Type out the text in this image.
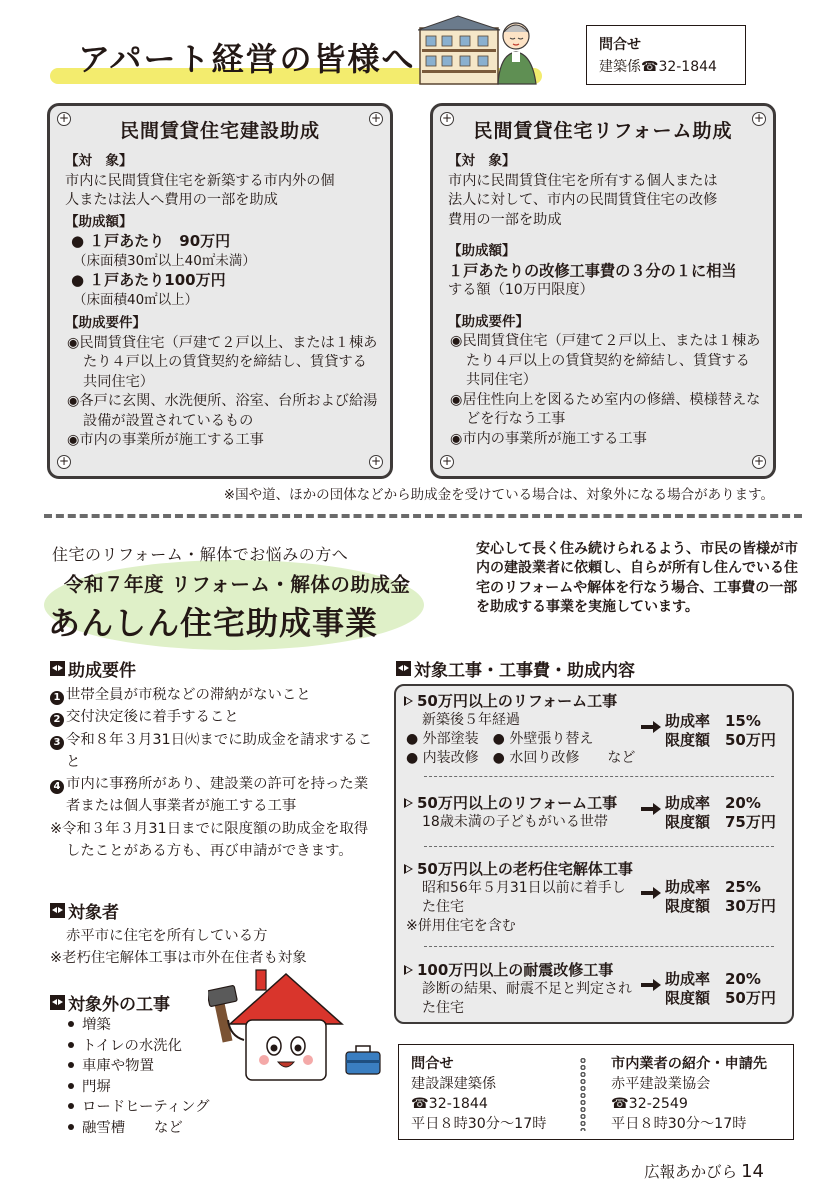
アパート経営の皆様へ	問合せ
建築係☎32-1844
+	+
+	+
民間賃貸住宅建設助成
【対　象】
市内に民間賃貸住宅を新築する市内外の個
人または法人へ費用の一部を助成
【助成額】
● １戸あたり　90万円
（床面積30㎡以上40㎡未満）
● １戸あたり100万円
（床面積40㎡以上）
【助成要件】
◉民間賃貸住宅（戸建て２戸以上、または１棟あたり４戸以上の賃貸契約を締結し、賃貸する共同住宅）
◉各戸に玄関、水洗便所、浴室、台所および給湯設備が設置されているもの
◉市内の事業所が施工する工事
+	+
+	+
民間賃貸住宅リフォーム助成
【対　象】
市内に民間賃貸住宅を所有する個人または
法人に対して、市内の民間賃貸住宅の改修
費用の一部を助成
【助成額】
１戸あたりの改修工事費の３分の１に相当
する額（10万円限度）
【助成要件】
◉民間賃貸住宅（戸建て２戸以上、または１棟あたり４戸以上の賃貸契約を締結し、賃貸する共同住宅）
◉居住性向上を図るため室内の修繕、模様替えなどを行なう工事
◉市内の事業所が施工する工事
※国や道、ほかの団体などから助成金を受けている場合は、対象外になる場合があります。
住宅のリフォーム・解体でお悩みの方へ
令和７年度 リフォーム・解体の助成金
あんしん住宅助成事業
安心して長く住み続けられるよう、市民の皆様が市内の建設業者に依頼し、自らが所有し住んでいる住宅のリフォームや解体を行なう場合、工事費の一部を助成する事業を実施しています。
助成要件
1 世帯全員が市税などの滞納がないこと
2 交付決定後に着手すること
3 令和８年３月31日㈫までに助成金を請求すること
4 市内に事務所があり、建設業の許可を持った業者または個人事業者が施工する工事
※令和３年３月31日までに限度額の助成金を取得したことがある方も、再び申請ができます。
対象者
赤平市に住宅を所有している方
※老朽住宅解体工事は市外在住者も対象
対象外の工事
増築
トイレの水洗化
車庫や物置
門塀
ロードヒーティング
融雪槽　　など
対象工事・工事費・助成内容
50万円以上のリフォーム工事
新築後５年経過
● 外部塗装　● 外壁張り替え
● 内装改修　● 水回り改修　　など
助成率　15%
限度額　50万円
50万円以上のリフォーム工事
18歳未満の子どもがいる世帯
助成率　20%
限度額　75万円
50万円以上の老朽住宅解体工事
昭和56年５月31日以前に着手し
た住宅
※併用住宅を含む
助成率　25%
限度額　30万円
100万円以上の耐震改修工事
診断の結果、耐震不足と判定され
た住宅
助成率　20%
限度額　50万円
問合せ
建設課建築係
☎32-1844
平日８時30分～17時
市内業者の紹介・申請先
赤平建設業協会
☎32-2549
平日８時30分～17時
広報あかびら 14
